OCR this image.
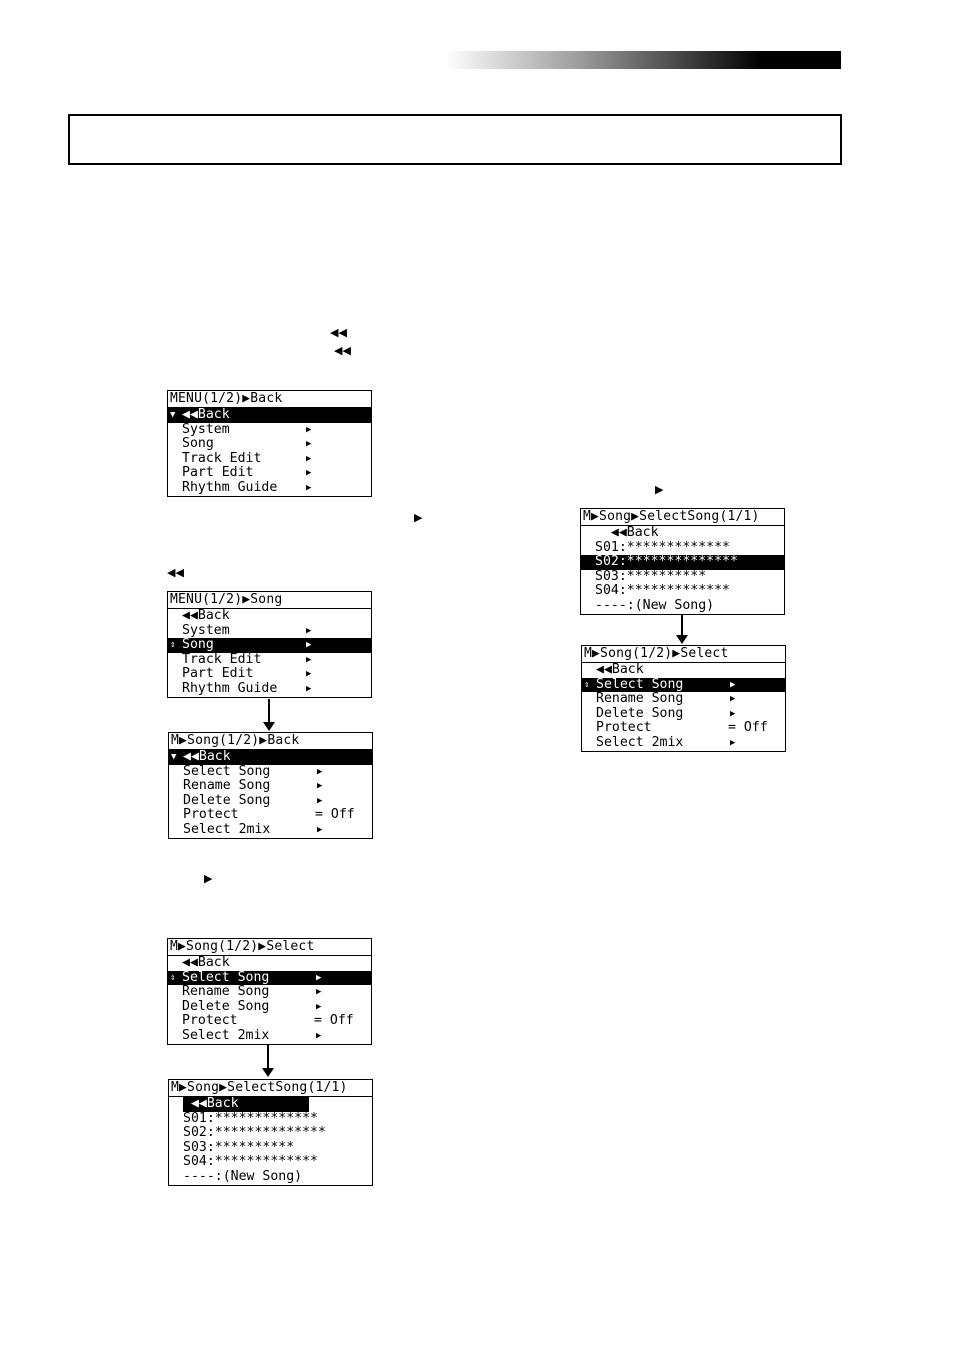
◀◀
◀◀
▶
◀◀
▶
▶
MENU(1/2)▶Back

▼

◀◀Back

System

	▶

Song

	▶

Track Edit

	▶

Part Edit

	▶

Rhythm Guide

	▶

MENU(1/2)▶Song

◀◀Back

System

	▶

⇕

Song

	▶

Track Edit

	▶

Part Edit

	▶

Rhythm Guide

	▶

M▶Song(1/2)▶Back

▼

◀◀Back

Select Song

	▶

Rename Song

	▶

Delete Song

	▶

Protect

	= Off

Select 2mix

	▶

M▶Song(1/2)▶Select

◀◀Back

⇕

Select Song

	▶

Rename Song

	▶

Delete Song

	▶

Protect

	= Off

Select 2mix

	▶

M▶Song▶SelectSong(1/1)

◀◀Back

S01:*************

S02:**************

S03:**********

S04:*************

----:(New Song)

M▶Song▶SelectSong(1/1)

◀◀Back

S01:*************

S02:**************

S03:**********

S04:*************

----:(New Song)

M▶Song(1/2)▶Select

◀◀Back

⇕

Select Song

	▶

Rename Song

	▶

Delete Song

	▶

Protect

	= Off

Select 2mix

	▶
